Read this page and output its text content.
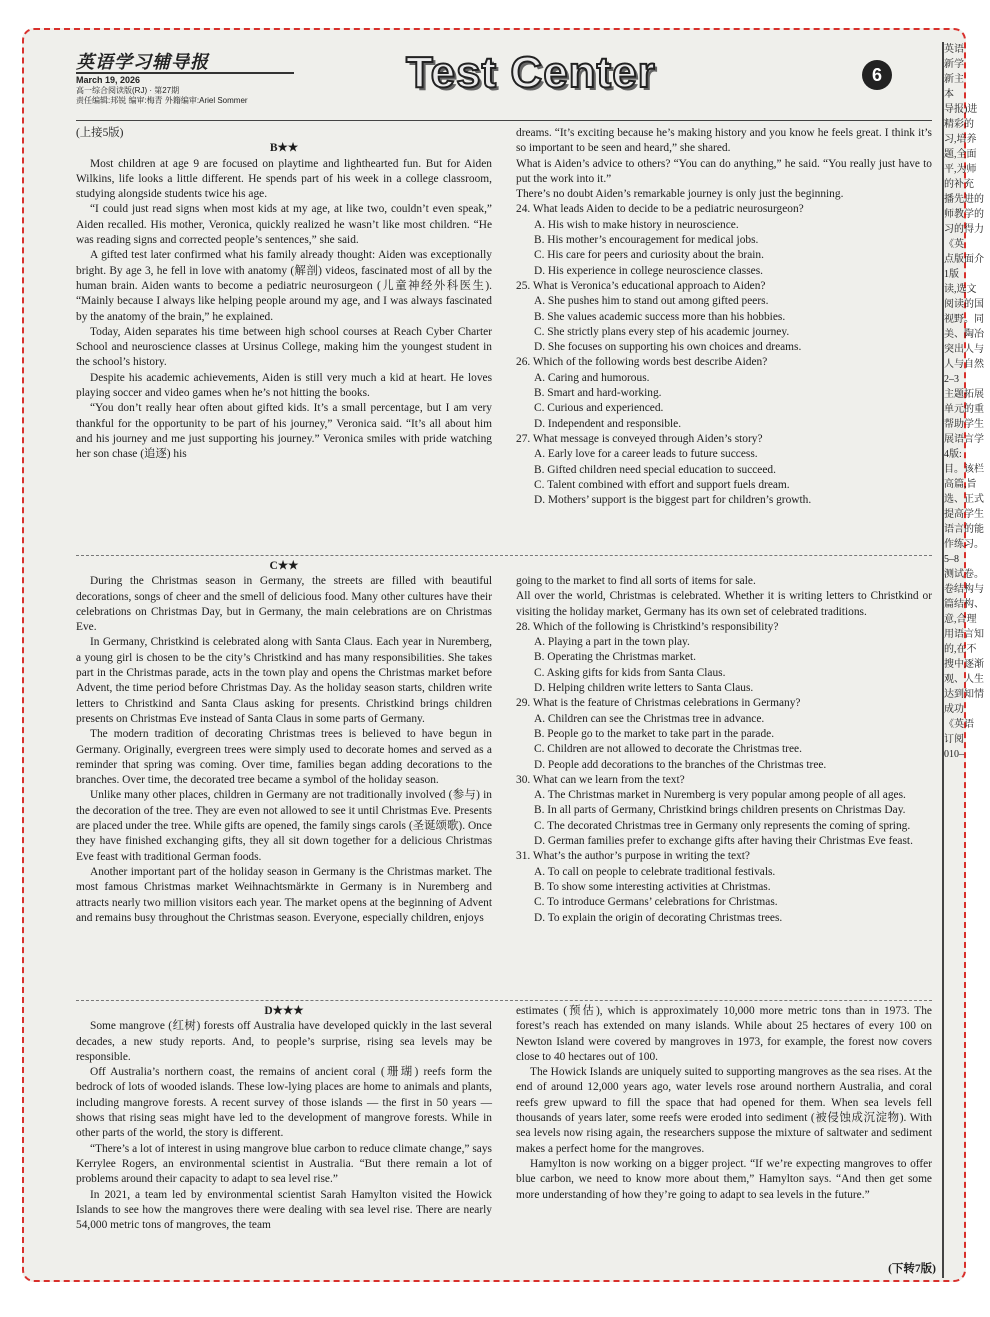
英语学习辅导报
March 19, 2026
高一综合阅读版(RJ) · 第27期
责任编辑:邦锐 编审:梅青 外籍编审:Ariel Sommer
Test Center	6

(上接5版)

B★★

Most children at age 9 are focused on playtime and lighthearted fun. But for Aiden Wilkins, life looks a little different. He spends part of his week in a college classroom, studying alongside students twice his age.

“I could just read signs when most kids at my age, at like two, couldn’t even speak,” Aiden recalled. His mother, Veronica, quickly realized he wasn’t like most children. “He was reading signs and corrected people’s sentences,” she said.

A gifted test later confirmed what his family already thought: Aiden was exceptionally bright. By age 3, he fell in love with anatomy (解剖) videos, fascinated most of all by the human brain. Aiden wants to become a pediatric neurosurgeon (儿童神经外科医生). “Mainly because I always like helping people around my age, and I was always fascinated by the anatomy of the brain,” he explained.

Today, Aiden separates his time between high school courses at Reach Cyber Charter School and neuroscience classes at Ursinus College, making him the youngest student in the school’s history.

Despite his academic achievements, Aiden is still very much a kid at heart. He loves playing soccer and video games when he’s not hitting the books.

“You don’t really hear often about gifted kids. It’s a small percentage, but I am very thankful for the opportunity to be part of his journey,” Veronica said. “It’s all about him and his journey and me just supporting his journey.” Veronica smiles with pride watching her son chase (追逐) his

dreams. “It’s exciting because he’s making history and you know he feels great. I think it’s so important to be seen and heard,” she shared.

What is Aiden’s advice to others? “You can do anything,” he said. “You really just have to put the work into it.”

There’s no doubt Aiden’s remarkable journey is only just the beginning.

24. What leads Aiden to decide to be a pediatric neurosurgeon?

A. His wish to make history in neuroscience.

B. His mother’s encouragement for medical jobs.

C. His care for peers and curiosity about the brain.

D. His experience in college neuroscience classes.

25. What is Veronica’s educational approach to Aiden?

A. She pushes him to stand out among gifted peers.

B. She values academic success more than his hobbies.

C. She strictly plans every step of his academic journey.

D. She focuses on supporting his own choices and dreams.

26. Which of the following words best describe Aiden?

A. Caring and humorous.

B. Smart and hard-working.

C. Curious and experienced.

D. Independent and responsible.

27. What message is conveyed through Aiden’s story?

A. Early love for a career leads to future success.

B. Gifted children need special education to succeed.

C. Talent combined with effort and support fuels dream.

D. Mothers’ support is the biggest part for children’s growth.

C★★

During the Christmas season in Germany, the streets are filled with beautiful decorations, songs of cheer and the smell of delicious food. Many other cultures have their celebrations on Christmas Day, but in Germany, the main celebrations are on Christmas Eve.

In Germany, Christkind is celebrated along with Santa Claus. Each year in Nuremberg, a young girl is chosen to be the city’s Christkind and has many responsibilities. She takes part in the Christmas parade, acts in the town play and opens the Christmas market before Advent, the time period before Christmas Day. As the holiday season starts, children write letters to Christkind and Santa Claus asking for presents. Christkind brings children presents on Christmas Eve instead of Santa Claus in some parts of Germany.

The modern tradition of decorating Christmas trees is believed to have begun in Germany. Originally, evergreen trees were simply used to decorate homes and served as a reminder that spring was coming. Over time, families began adding decorations to the branches. Over time, the decorated tree became a symbol of the holiday season.

Unlike many other places, children in Germany are not traditionally involved (参与) in the decoration of the tree. They are even not allowed to see it until Christmas Eve. Presents are placed under the tree. While gifts are opened, the family sings carols (圣诞颂歌). Once they have finished exchanging gifts, they all sit down together for a delicious Christmas Eve feast with traditional German foods.

Another important part of the holiday season in Germany is the Christmas market. The most famous Christmas market Weihnachtsmärkte in Germany is in Nuremberg and attracts nearly two million visitors each year. The market opens at the beginning of Advent and remains busy throughout the Christmas season. Everyone, especially children, enjoys

going to the market to find all sorts of items for sale.

All over the world, Christmas is celebrated. Whether it is writing letters to Christkind or visiting the holiday market, Germany has its own set of celebrated traditions.

28. Which of the following is Christkind’s responsibility?

A. Playing a part in the town play.

B. Operating the Christmas market.

C. Asking gifts for kids from Santa Claus.

D. Helping children write letters to Santa Claus.

29. What is the feature of Christmas celebrations in Germany?

A. Children can see the Christmas tree in advance.

B. People go to the market to take part in the parade.

C. Children are not allowed to decorate the Christmas tree.

D. People add decorations to the branches of the Christmas tree.

30. What can we learn from the text?

A. The Christmas market in Nuremberg is very popular among people of all ages.

B. In all parts of Germany, Christkind brings children presents on Christmas Day.

C. The decorated Christmas tree in Germany only represents the coming of spring.

D. German families prefer to exchange gifts after having their Christmas Eve feast.

31. What’s the author’s purpose in writing the text?

A. To call on people to celebrate traditional festivals.

B. To show some interesting activities at Christmas.

C. To introduce Germans’ celebrations for Christmas.

D. To explain the origin of decorating Christmas trees.

D★★★

Some mangrove (红树) forests off Australia have developed quickly in the last several decades, a new study reports. And, to people’s surprise, rising sea levels may be responsible.

Off Australia’s northern coast, the remains of ancient coral (珊瑚) reefs form the bedrock of lots of wooded islands. These low-lying places are home to animals and plants, including mangrove forests. A recent survey of those islands — the first in 50 years — shows that rising seas might have led to the development of mangrove forests. While in other parts of the world, the story is different.

“There’s a lot of interest in using mangrove blue carbon to reduce climate change,” says Kerrylee Rogers, an environmental scientist in Australia. “But there remain a lot of problems around their capacity to adapt to sea level rise.”

In 2021, a team led by environmental scientist Sarah Hamylton visited the Howick Islands to see how the mangroves there were dealing with sea level rise. There are nearly 54,000 metric tons of mangroves, the team

estimates (预估), which is approximately 10,000 more metric tons than in 1973. The forest’s reach has extended on many islands. While about 25 hectares of every 100 on Newton Island were covered by mangroves in 1973, for example, the forest now covers close to 40 hectares out of 100.

The Howick Islands are uniquely suited to supporting mangroves as the sea rises. At the end of around 12,000 years ago, water levels rose around northern Australia, and coral reefs grew upward to fill the space that had opened for them. When sea levels fell thousands of years later, some reefs were eroded into sediment (被侵蚀成沉淀物). With sea levels now rising again, the researchers suppose the mixture of saltwater and sediment makes a perfect home for the mangroves.

Hamylton is now working on a bigger project. “If we’re expecting mangroves to offer blue carbon, we need to know more about them,” Hamylton says. “And then get some more understanding of how they’re going to adapt to sea levels in the future.”

(下转7版)
英语
新学
新主
本
导报)进
精彩的
习,培养
题,全面
平,为师
的补充
播先进的
师教学的
习的得力
《英
点版面介
1版
读,选文
阅读的国
视野。同
美、陶冶
突出人与
人与自然
2–3
主题拓展
单元的重
帮助学生
展语言学
4版:
目。该栏
高篇,旨
选、正式
提高学生
语言的能
作练习。
5–8
测试卷。
卷结构与
篇结构、
意,合理
用语言知
的,在不
搜中逐渐
观、人生
达到知情
成功
《英语
订阅
010–
